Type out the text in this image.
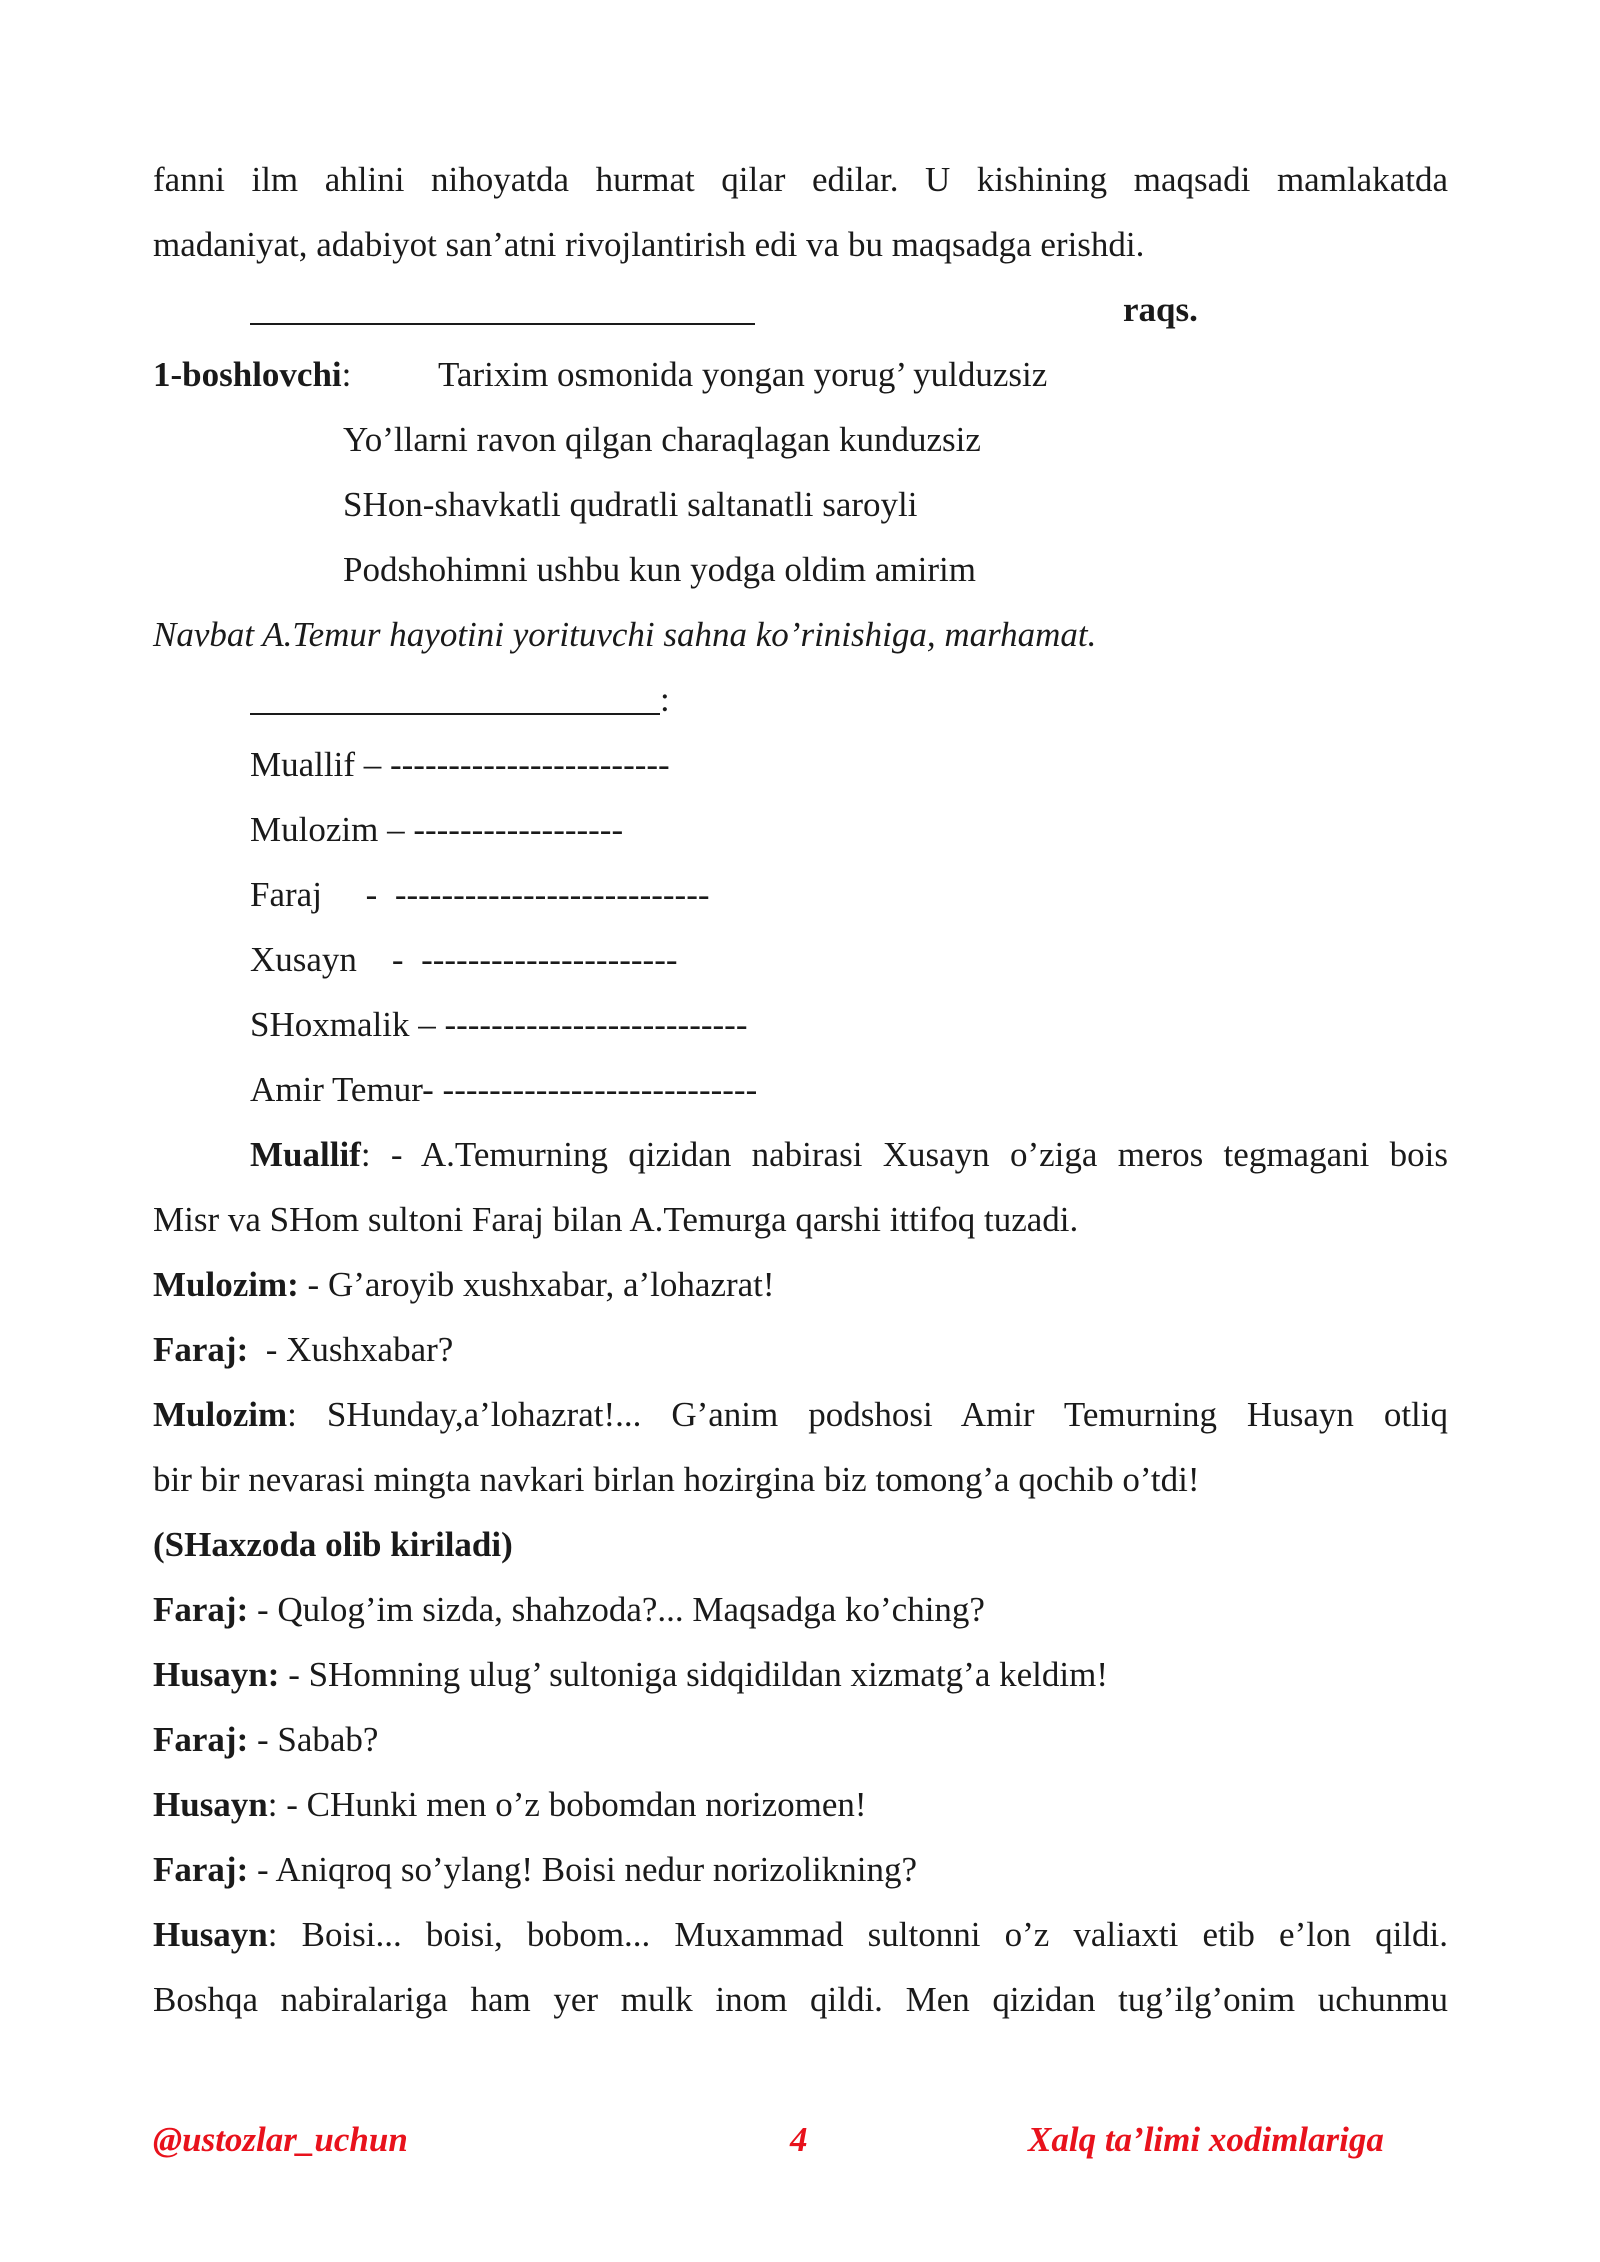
fanni ilm ahlini nihoyatda hurmat qilar edilar. U kishining maqsadi mamlakatda
madaniyat, adabiyot san’atni rivojlantirish edi va bu maqsadga erishdi.
raqs.
1-boshlovchi: Tarixim osmonida yongan yorug’ yulduzsiz
Yo’llarni ravon qilgan charaqlagan kunduzsiz
SHon-shavkatli qudratli saltanatli saroyli
Podshohimni ushbu kun yodga oldim amirim
Navbat A.Temur hayotini yorituvchi sahna ko’rinishiga, marhamat.
:
Muallif – ------------------------
Mulozim – ------------------
Faraj     -  ---------------------------
Xusayn    -  ----------------------
SHoxmalik – --------------------------
Amir Temur- ---------------------------
Muallif: - A.Temurning qizidan nabirasi Xusayn o’ziga meros tegmagani bois
Misr va SHom sultoni Faraj bilan A.Temurga qarshi ittifoq tuzadi.
Mulozim: - G’aroyib xushxabar, a’lohazrat!
Faraj:  - Xushxabar?
Mulozim: SHunday,a’lohazrat!... G’anim podshosi Amir Temurning Husayn otliq
bir bir nevarasi mingta navkari birlan hozirgina biz tomong’a qochib o’tdi!
(SHaxzoda olib kiriladi)
Faraj: - Qulog’im sizda, shahzoda?... Maqsadga ko’ching?
Husayn: - SHomning ulug’ sultoniga sidqidildan xizmatg’a keldim!
Faraj: - Sabab?
Husayn: - CHunki men o’z bobomdan norizomen!
Faraj: - Aniqroq so’ylang! Boisi nedur norizolikning?
Husayn: Boisi... boisi, bobom... Muxammad sultonni o’z valiaxti etib e’lon qildi.
Boshqa nabiralariga ham yer mulk inom qildi. Men qizidan tug’ilg’onim uchunmu
@ustozlar_uchun	4	Xalq ta’limi xodimlariga
